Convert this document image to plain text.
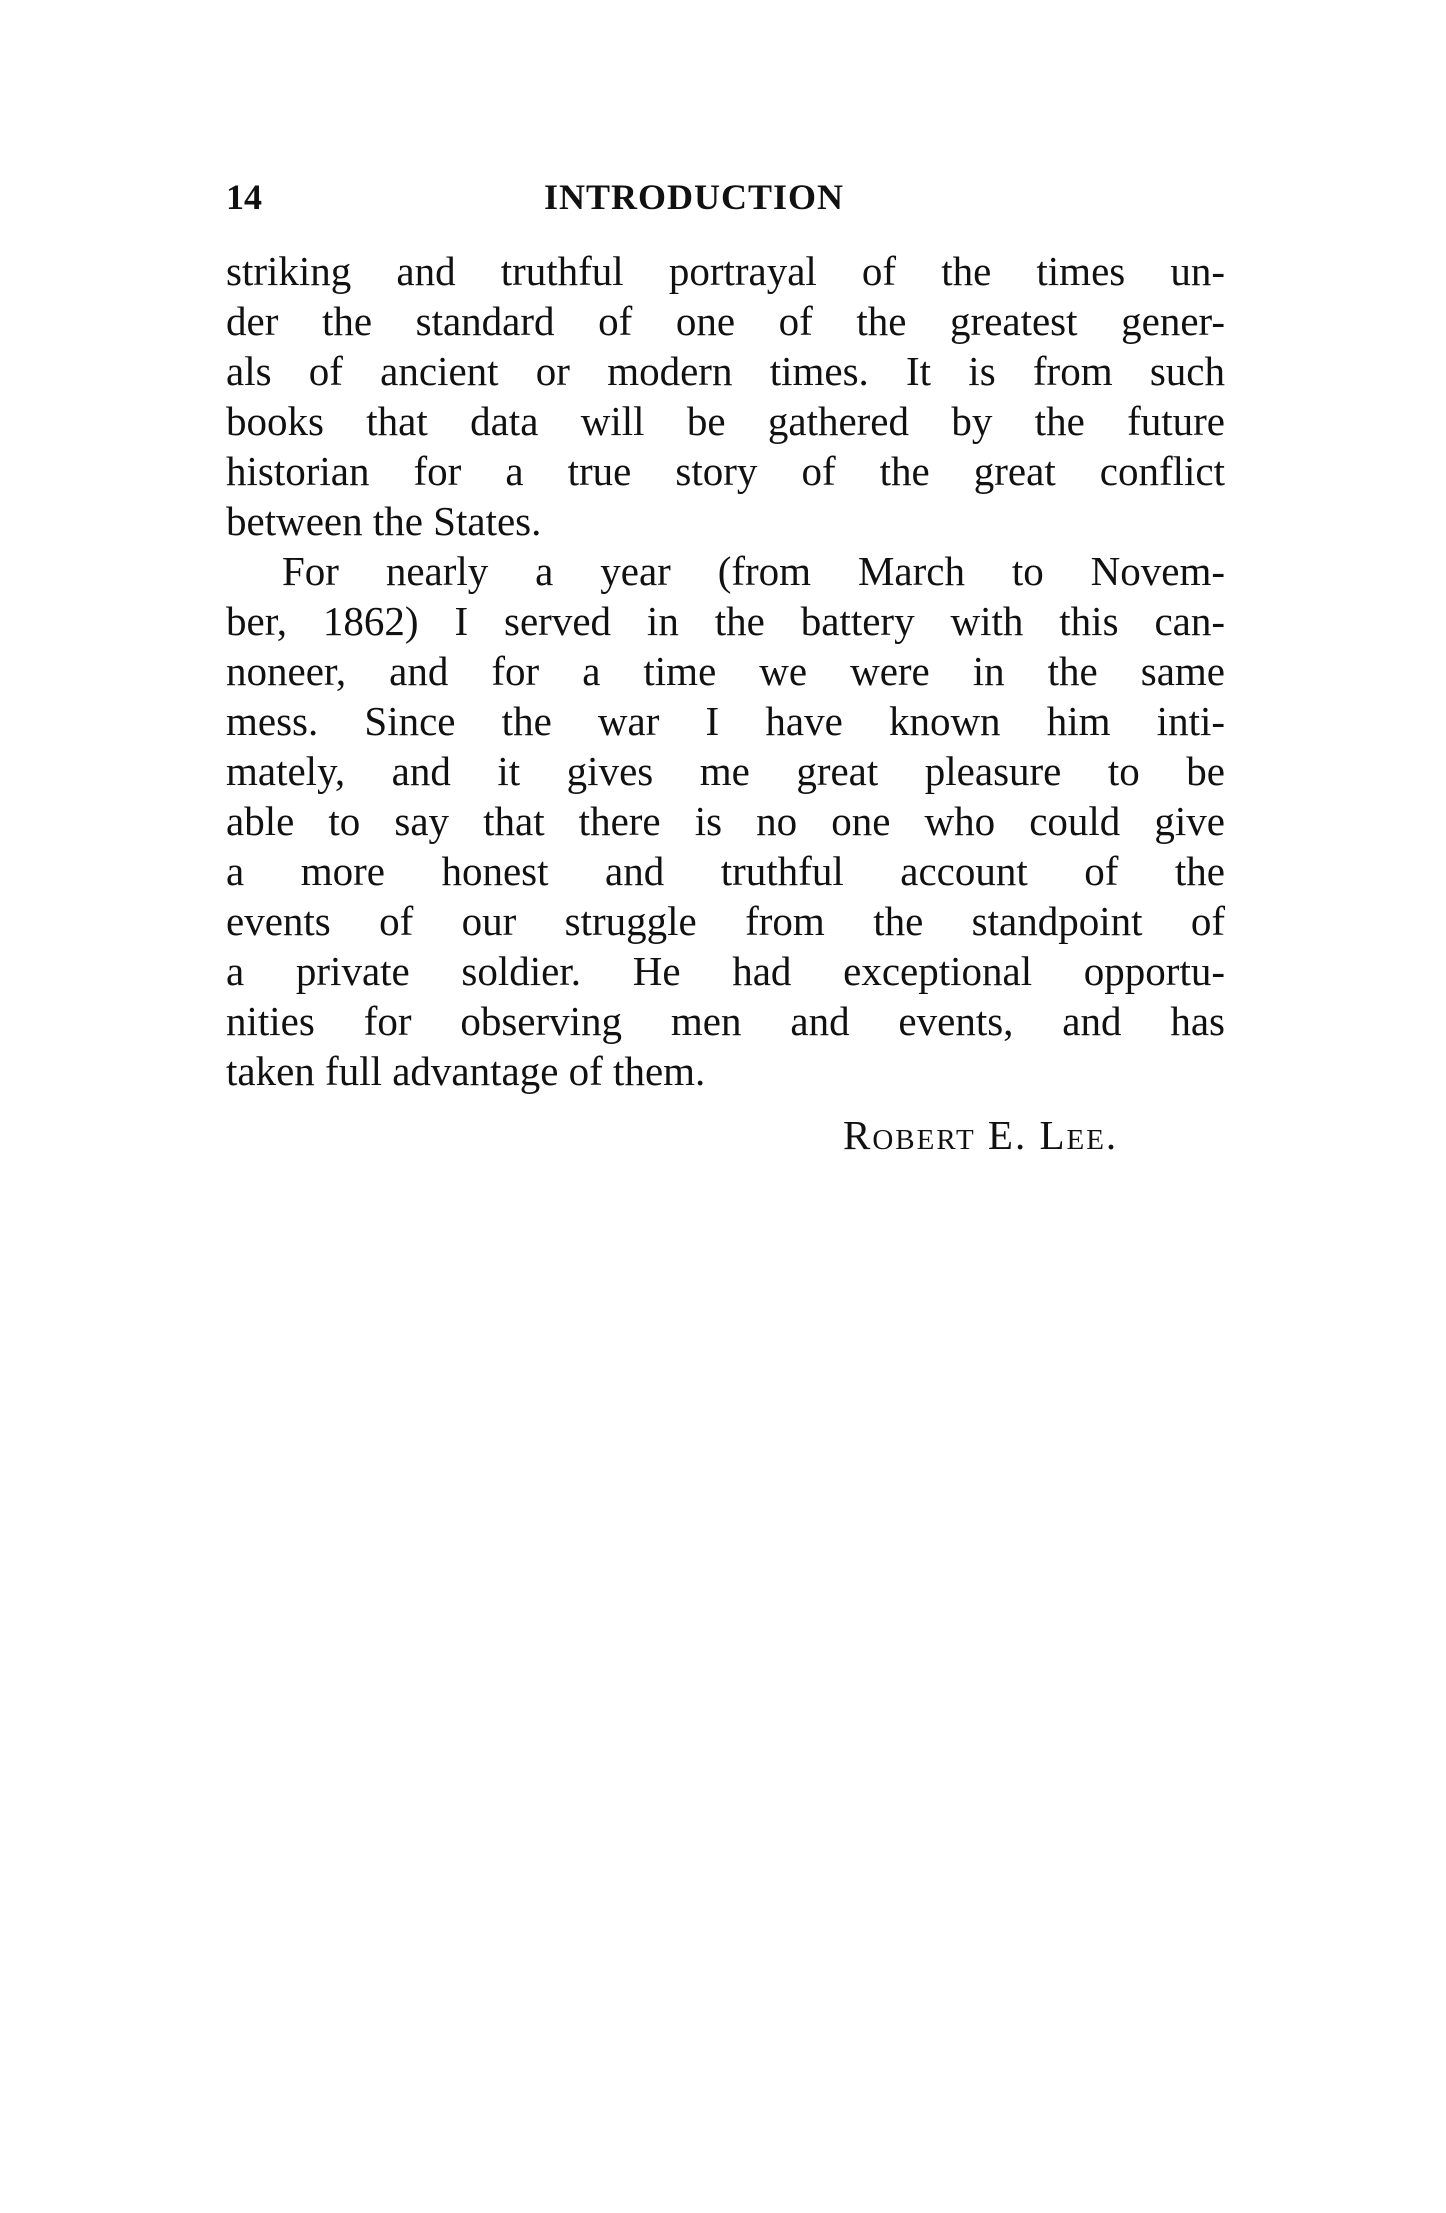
14	INTRODUCTION
striking and truthful portrayal of the times un-
der the standard of one of the greatest gener-
als of ancient or modern times. It is from such
books that data will be gathered by the future
historian for a true story of the great conflict
between the States.
For nearly a year (from March to Novem-
ber, 1862) I served in the battery with this can-
noneer, and for a time we were in the same
mess. Since the war I have known him inti-
mately, and it gives me great pleasure to be
able to say that there is no one who could give
a more honest and truthful account of the
events of our struggle from the standpoint of
a private soldier. He had exceptional opportu-
nities for observing men and events, and has
taken full advantage of them.
Robert E. Lee.
